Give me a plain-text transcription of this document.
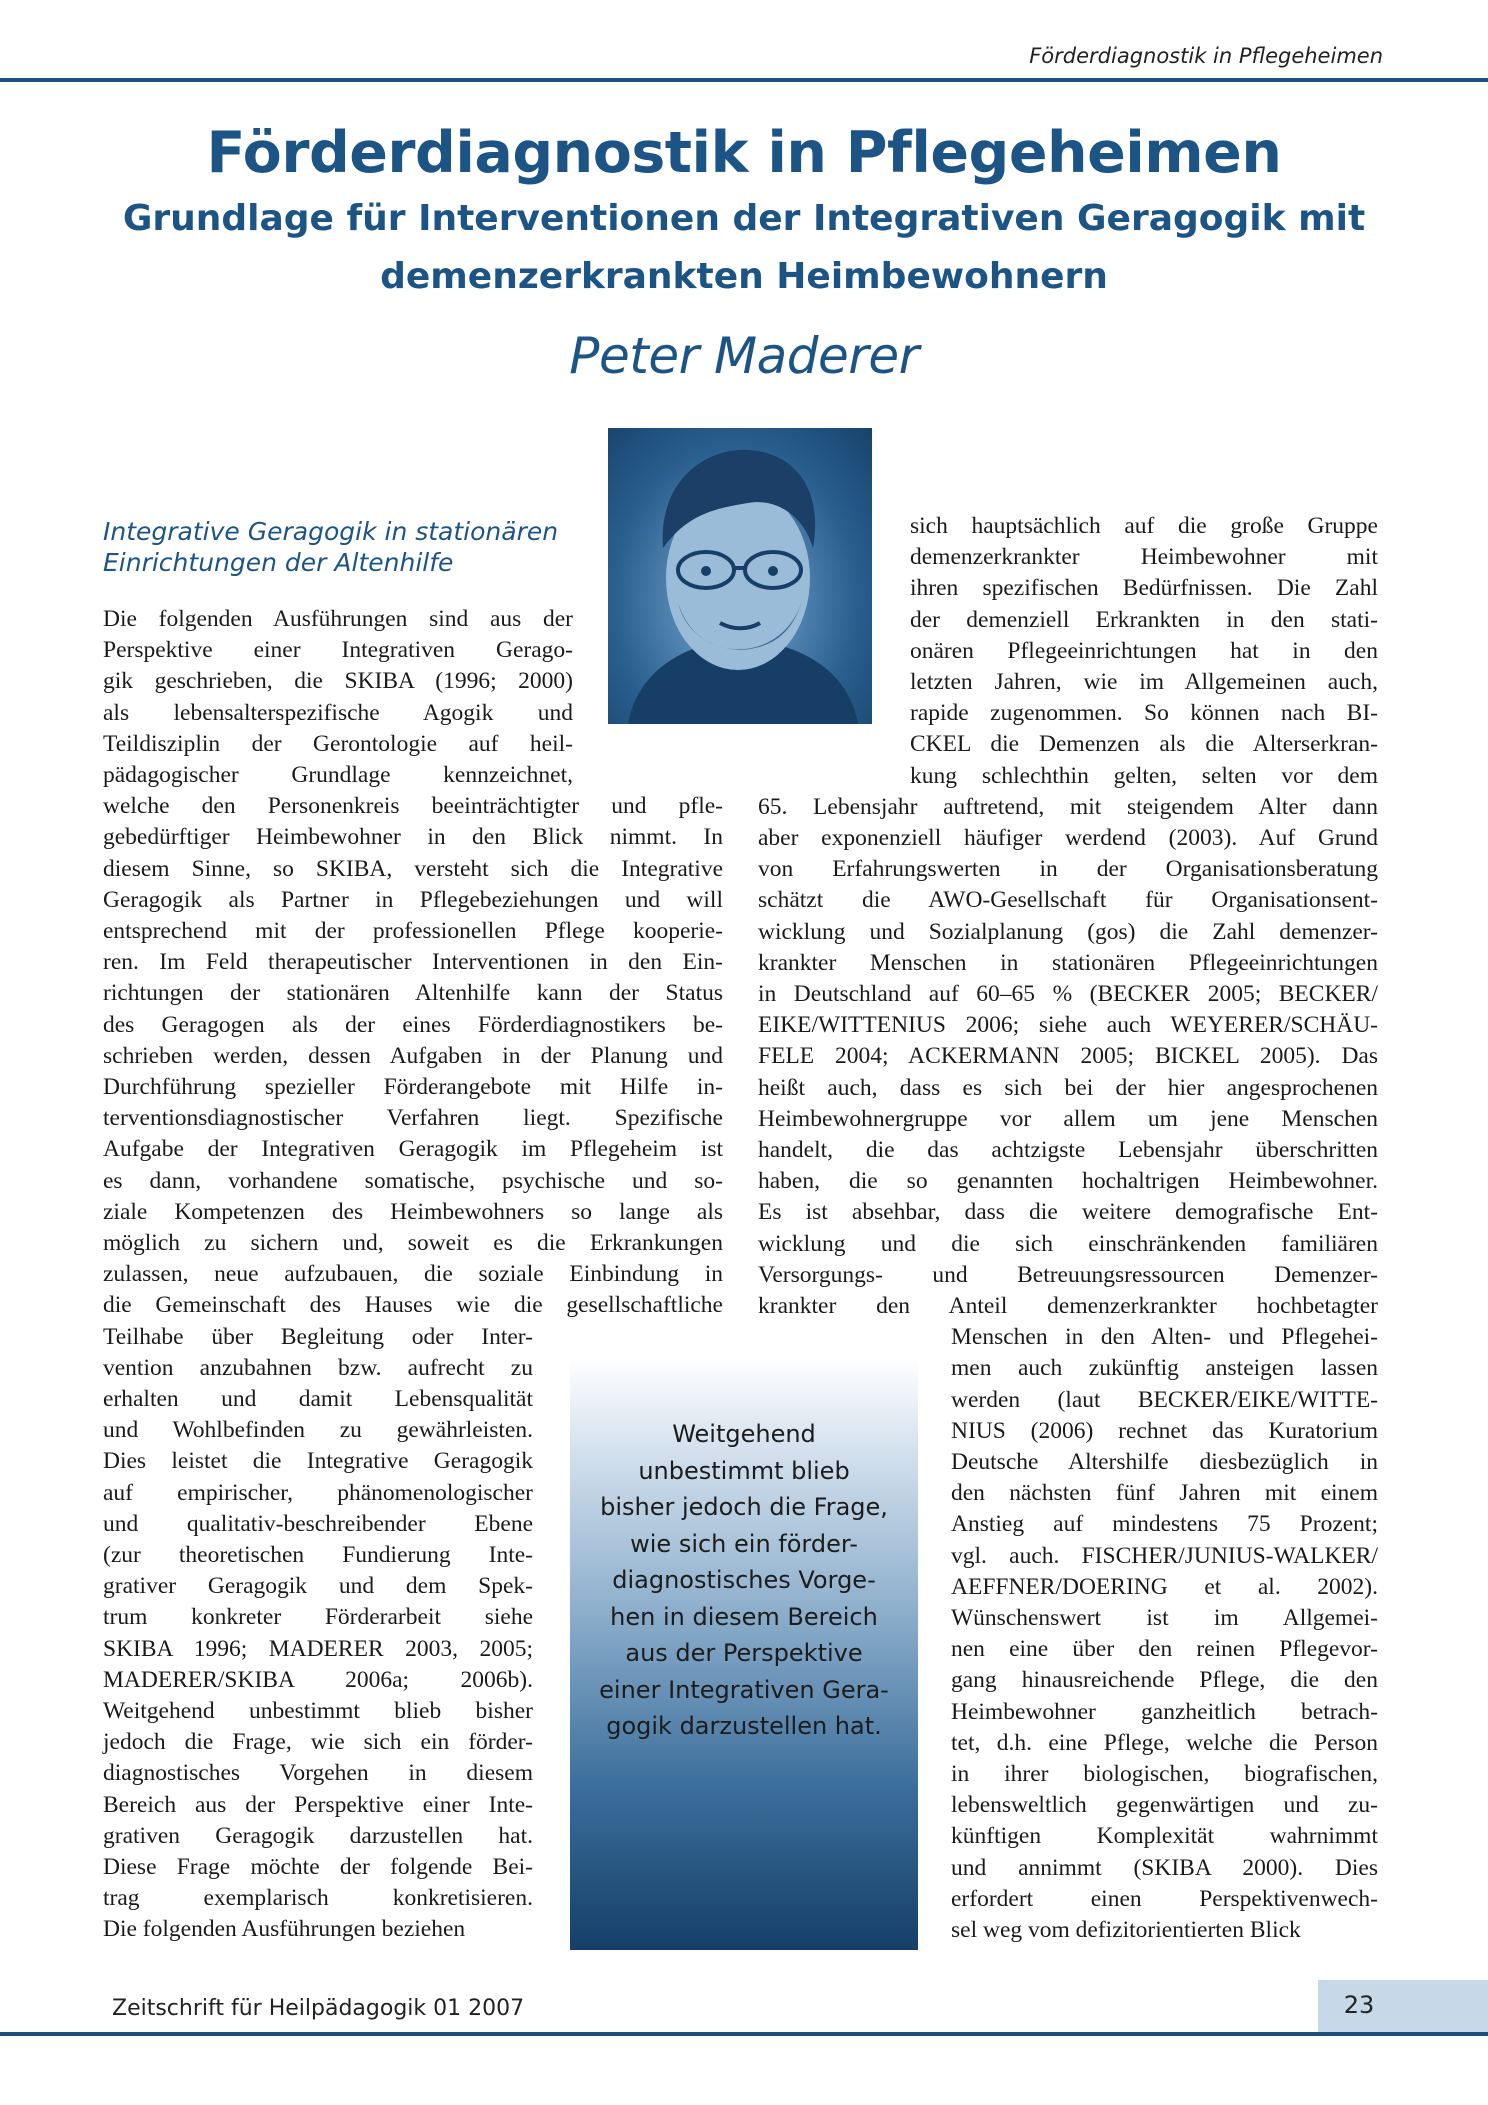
Förderdiagnostik in Pflegeheimen
Förderdiagnostik in Pflegeheimen
Grundlage für Interventionen der Integrativen Geragogik mit
demenzerkrankten Heimbewohnern
Peter Maderer

Integrative Geragogik in stationären

Einrichtungen der Altenhilfe

Die folgenden Ausführungen sind aus der

Perspektive einer Integrativen Gerago-

gik geschrieben, die SKIBA (1996; 2000)

als lebensalterspezifische Agogik und

Teildisziplin der Gerontologie auf heil-

pädagogischer Grundlage kennzeichnet,

welche den Personenkreis beeinträchtigter und pfle-

gebedürftiger Heimbewohner in den Blick nimmt. In

diesem Sinne, so SKIBA, versteht sich die Integrative

Geragogik als Partner in Pflegebeziehungen und will

entsprechend mit der professionellen Pflege kooperie-

ren. Im Feld therapeutischer Interventionen in den Ein-

richtungen der stationären Altenhilfe kann der Status

des Geragogen als der eines Förderdiagnostikers be-

schrieben werden, dessen Aufgaben in der Planung und

Durchführung spezieller Förderangebote mit Hilfe in-

terventionsdiagnostischer Verfahren liegt. Spezifische

Aufgabe der Integrativen Geragogik im Pflegeheim ist

es dann, vorhandene somatische, psychische und so-

ziale Kompetenzen des Heimbewohners so lange als

möglich zu sichern und, soweit es die Erkrankungen

zulassen, neue aufzubauen, die soziale Einbindung in

die Gemeinschaft des Hauses wie die gesellschaftliche

Teilhabe über Begleitung oder Inter-

vention anzubahnen bzw. aufrecht zu

erhalten und damit Lebensqualität

und Wohlbefinden zu gewährleisten.

Dies leistet die Integrative Geragogik

auf empirischer, phänomenologischer

und qualitativ-beschreibender Ebene

(zur theoretischen Fundierung Inte-

grativer Geragogik und dem Spek-

trum konkreter Förderarbeit siehe

SKIBA 1996; MADERER 2003, 2005;

MADERER/SKIBA 2006a; 2006b).

Weitgehend unbestimmt blieb bisher

jedoch die Frage, wie sich ein förder-

diagnostisches Vorgehen in diesem

Bereich aus der Perspektive einer Inte-

grativen Geragogik darzustellen hat.

Diese Frage möchte der folgende Bei-

trag exemplarisch konkretisieren.

Die folgenden Ausführungen beziehen

sich hauptsächlich auf die große Gruppe

demenzerkrankter Heimbewohner mit

ihren spezifischen Bedürfnissen. Die Zahl

der demenziell Erkrankten in den stati-

onären Pflegeeinrichtungen hat in den

letzten Jahren, wie im Allgemeinen auch,

rapide zugenommen. So können nach BI-

CKEL die Demenzen als die Alterserkran-

kung schlechthin gelten, selten vor dem

65. Lebensjahr auftretend, mit steigendem Alter dann

aber exponenziell häufiger werdend (2003). Auf Grund

von Erfahrungswerten in der Organisationsberatung

schätzt die AWO-Gesellschaft für Organisationsent-

wicklung und Sozialplanung (gos) die Zahl demenzer-

krankter Menschen in stationären Pflegeeinrichtungen

in Deutschland auf 60–65 % (BECKER 2005; BECKER/

EIKE/WITTENIUS 2006; siehe auch WEYERER/SCHÄU-

FELE 2004; ACKERMANN 2005; BICKEL 2005). Das

heißt auch, dass es sich bei der hier angesprochenen

Heimbewohnergruppe vor allem um jene Menschen

handelt, die das achtzigste Lebensjahr überschritten

haben, die so genannten hochaltrigen Heimbewohner.

Es ist absehbar, dass die weitere demografische Ent-

wicklung und die sich einschränkenden familiären

Versorgungs- und Betreuungsressourcen Demenzer-

krankter den Anteil demenzerkrankter hochbetagter

Menschen in den Alten- und Pflegehei-

men auch zukünftig ansteigen lassen

werden (laut BECKER/EIKE/WITTE-

NIUS (2006) rechnet das Kuratorium

Deutsche Altershilfe diesbezüglich in

den nächsten fünf Jahren mit einem

Anstieg auf mindestens 75 Prozent;

vgl. auch. FISCHER/JUNIUS-WALKER/

AEFFNER/DOERING et al. 2002).

Wünschenswert ist im Allgemei-

nen eine über den reinen Pflegevor-

gang hinausreichende Pflege, die den

Heimbewohner ganzheitlich betrach-

tet, d.h. eine Pflege, welche die Person

in ihrer biologischen, biografischen,

lebensweltlich gegenwärtigen und zu-

künftigen Komplexität wahrnimmt

und annimmt (SKIBA 2000). Dies

erfordert einen Perspektivenwech-

sel weg vom defizitorientierten Blick

Weitgehend
unbestimmt blieb
bisher jedoch die Frage,
wie sich ein förder-
diagnostisches Vorge-
hen in diesem Bereich
aus der Perspektive
einer Integrativen Gera-
gogik darzustellen hat.
Zeitschrift für Heilpädagogik 01 2007	23
